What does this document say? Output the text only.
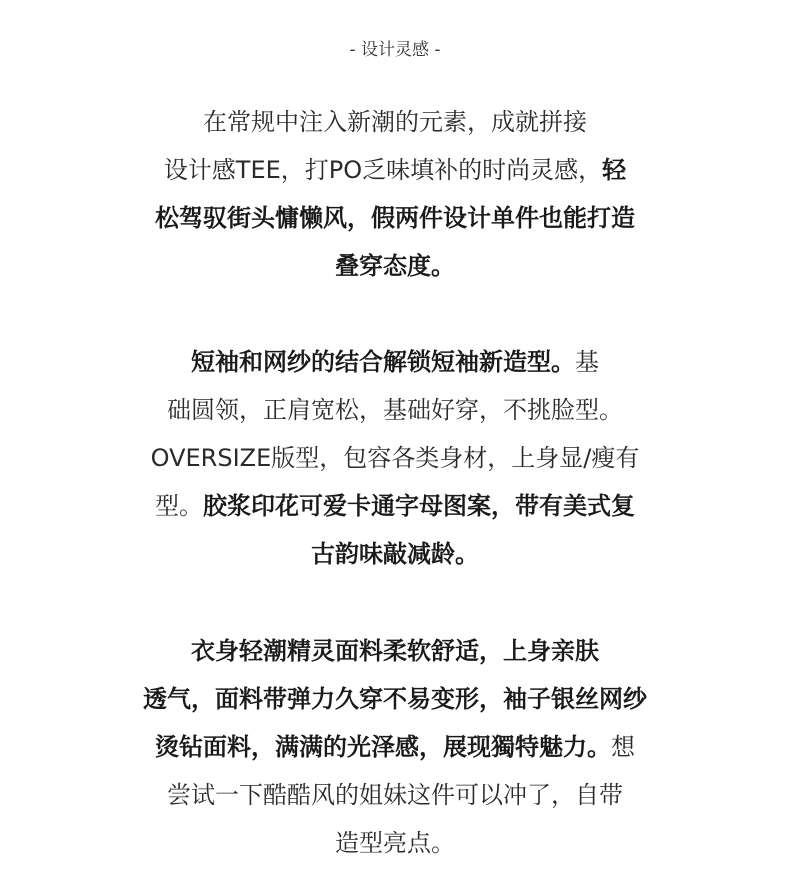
- 设计灵感 -
在常规中注入新潮的元素，成就拼接
设计感TEE，打PO乏味填补的时尚灵感，轻
松驾驭街头慵懒风，假两件设计单件也能打造
叠穿态度。
短袖和网纱的结合解锁短袖新造型。基
础圆领，正肩宽松，基础好穿，不挑脸型。
OVERSIZE版型，包容各类身材，上身显/瘦有
型。胶浆印花可爱卡通字母图案，带有美式复
古韵味敲减龄。
衣身轻潮精灵面料柔软舒适，上身亲肤
透气，面料带弹力久穿不易变形，袖子银丝网纱
烫钻面料，满满的光泽感，展现獨特魅力。想
尝试一下酷酷风的姐妹这件可以冲了，自带
造型亮点。
